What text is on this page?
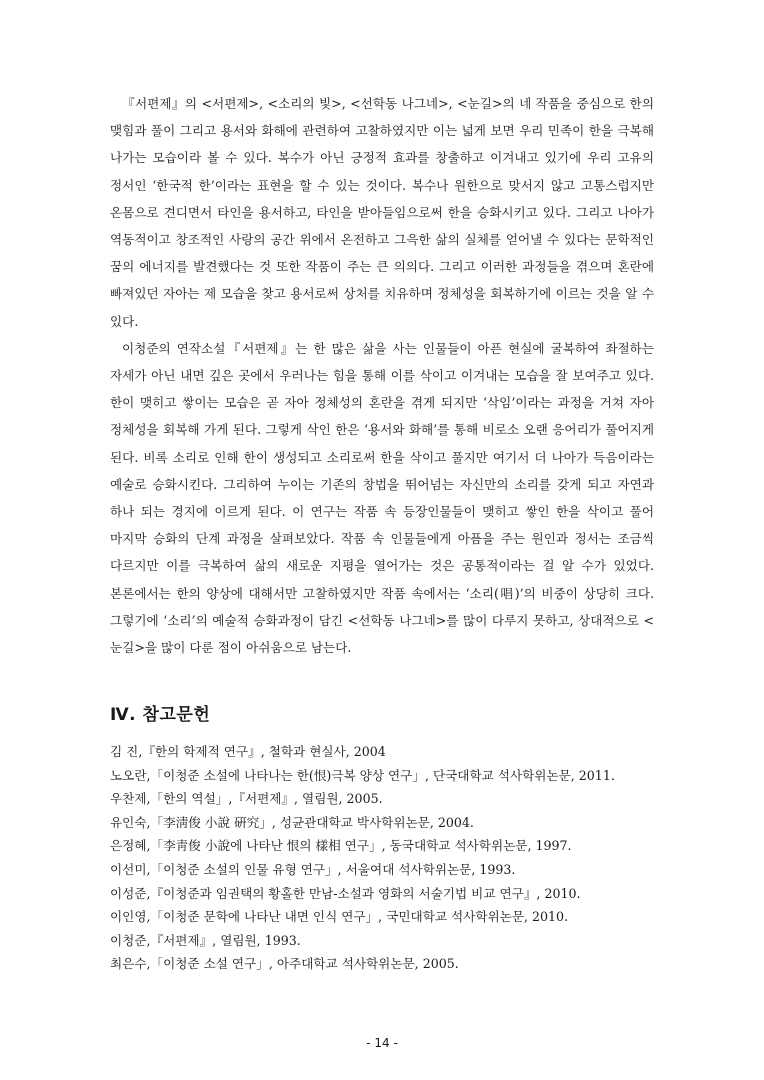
『서편제』의 <서편제>, <소리의 빛>, <선학동 나그네>, <눈길>의 네 작품을 중심으로 한의 맺힘과 풀이 그리고 용서와 화해에 관련하여 고찰하였지만 이는 넓게 보면 우리 민족이 한을 극복해 나가는 모습이라 볼 수 있다. 복수가 아닌 긍정적 효과를 창출하고 이겨내고 있기에 우리 고유의 정서인 ‘한국적 한’이라는 표현을 할 수 있는 것이다. 복수나 원한으로 맞서지 않고 고통스럽지만 온몸으로 견디면서 타인을 용서하고, 타인을 받아들임으로써 한을 승화시키고 있다. 그리고 나아가 역동적이고 창조적인 사랑의 공간 위에서 온전하고 그윽한 삶의 실체를 얻어낼 수 있다는 문학적인 꿈의 에너지를 발견했다는 것 또한 작품이 주는 큰 의의다. 그리고 이러한 과정들을 겪으며 혼란에 빠져있던 자아는 제 모습을 찾고 용서로써 상처를 치유하며 정체성을 회복하기에 이르는 것을 알 수 있다.

이청준의 연작소설『서편제』는 한 많은 삶을 사는 인물들이 아픈 현실에 굴복하여 좌절하는 자세가 아닌 내면 깊은 곳에서 우러나는 힘을 통해 이를 삭이고 이겨내는 모습을 잘 보여주고 있다. 한이 맺히고 쌓이는 모습은 곧 자아 정체성의 혼란을 겪게 되지만 ‘삭임’이라는 과정을 거쳐 자아 정체성을 회복해 가게 된다. 그렇게 삭인 한은 ‘용서와 화해’를 통해 비로소 오랜 응어리가 풀어지게 된다. 비록 소리로 인해 한이 생성되고 소리로써 한을 삭이고 풀지만 여기서 더 나아가 득음이라는 예술로 승화시킨다. 그리하여 누이는 기존의 창법을 뛰어넘는 자신만의 소리를 갖게 되고 자연과 하나 되는 경지에 이르게 된다. 이 연구는 작품 속 등장인물들이 맺히고 쌓인 한을 삭이고 풀어 마지막 승화의 단계 과정을 살펴보았다. 작품 속 인물들에게 아픔을 주는 원인과 정서는 조금씩 다르지만 이를 극복하여 삶의 새로운 지평을 열어가는 것은 공통적이라는 걸 알 수가 있었다. 본론에서는 한의 양상에 대해서만 고찰하였지만 작품 속에서는 ‘소리(唱)’의 비중이 상당히 크다. 그렇기에 ‘소리’의 예술적 승화과정이 담긴 <선학동 나그네>를 많이 다루지 못하고, 상대적으로 <눈길>을 많이 다룬 점이 아쉬움으로 남는다.

Ⅳ. 참고문헌
김 진,『한의 학제적 연구』, 철학과 현실사, 2004
노오란,「이청준 소설에 나타나는 한(恨)극복 양상 연구」, 단국대학교 석사학위논문, 2011.
우찬제,「한의 역설」,『서편제』, 열림원, 2005.
유인숙,「李淸俊 小說 硏究」, 성균관대학교 박사학위논문, 2004.
은정혜,「李靑俊 小說에 나타난 恨의 樣相 연구」, 동국대학교 석사학위논문, 1997.
이선미,「이청준 소설의 인물 유형 연구」, 서울여대 석사학위논문, 1993.
이성준,『이청준과 임권택의 황홀한 만남-소설과 영화의 서술기법 비교 연구』, 2010.
이인영,「이청준 문학에 나타난 내면 인식 연구」, 국민대학교 석사학위논문, 2010.
이청준,『서편제』, 열림원, 1993.
최은수,「이청준 소설 연구」, 아주대학교 석사학위논문, 2005.
- 14 -
